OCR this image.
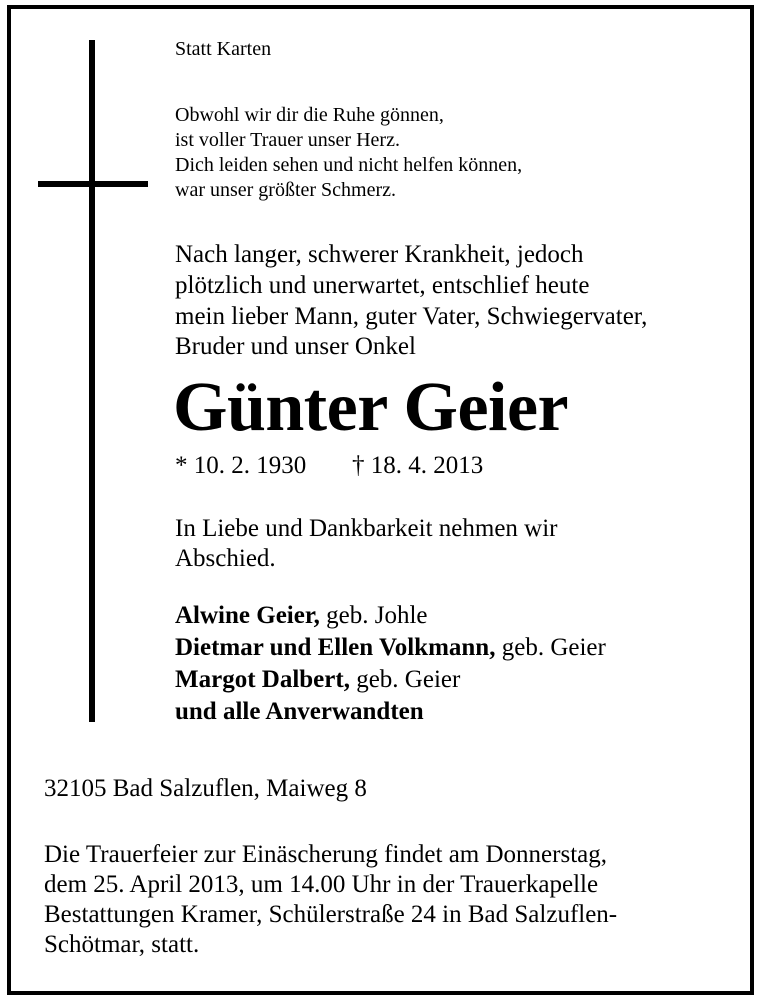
Statt Karten

Obwohl wir dir die Ruhe gönnen,

ist voller Trauer unser Herz.

Dich leiden sehen und nicht helfen können,

war unser größter Schmerz.

Nach langer, schwerer Krankheit, jedoch

plötzlich und unerwartet, entschlief heute

mein lieber Mann, guter Vater, Schwiegervater,

Bruder und unser Onkel

Günter Geier

* 10. 2. 1930 † 18. 4. 2013

In Liebe und Dankbarkeit nehmen wir

Abschied.

Alwine Geier, geb. Johle

Dietmar und Ellen Volkmann, geb. Geier

Margot Dalbert, geb. Geier

und alle Anverwandten

32105 Bad Salzuflen, Maiweg 8

Die Trauerfeier zur Einäscherung findet am Donnerstag,

dem 25. April 2013, um 14.00 Uhr in der Trauerkapelle

Bestattungen Kramer, Schülerstraße 24 in Bad Salzuflen-

Schötmar, statt.
